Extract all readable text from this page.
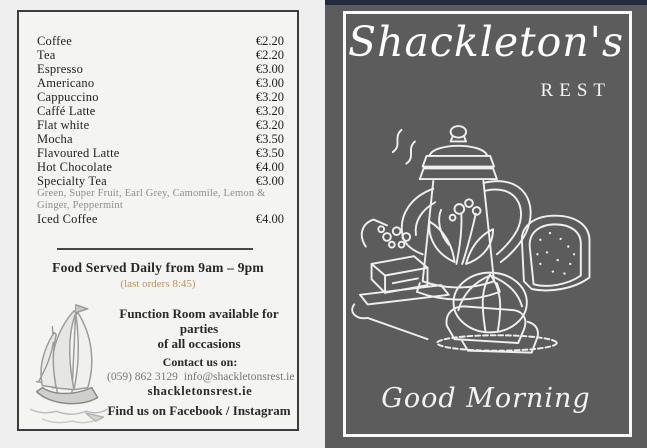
Coffee	€2.20
Tea	€2.20
Espresso	€3.00
Americano	€3.00
Cappuccino	€3.20
Caffé Latte	€3.20
Flat white	€3.20
Mocha	€3.50
Flavoured Latte	€3.50
Hot Chocolate	€4.00
Specialty Tea	€3.00
Green, Super Fruit, Earl Grey, Camomile, Lemon & Ginger, Peppermint
Iced Coffee	€4.00
Food Served Daily from 9am – 9pm
(last orders 8:45)
Function Room available for parties
of all occasions
Contact us on:
(059) 862 3129 info@shackletonsrest.ie
shackletonsrest.ie
Find us on Facebook / Instagram
Shackleton's
REST
Good Morning
